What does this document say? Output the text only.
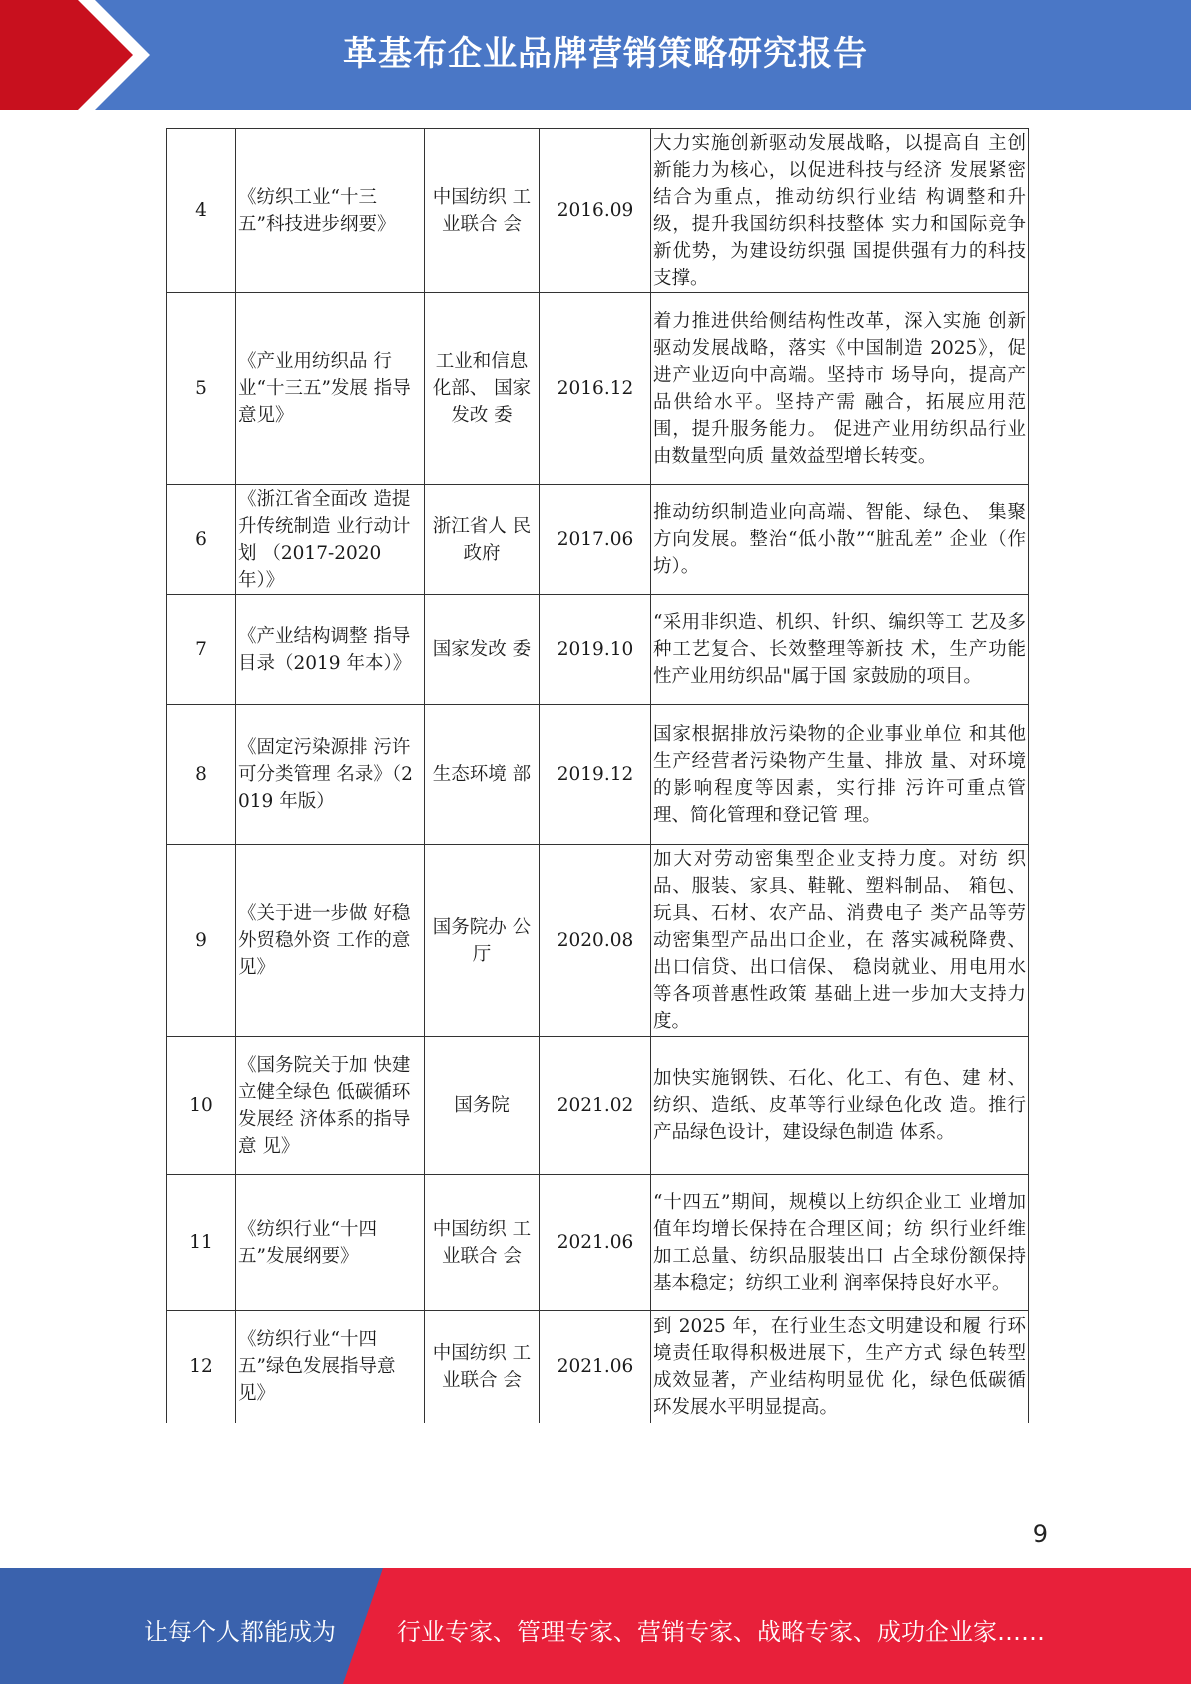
革基布企业品牌营销策略研究报告
4	《纺织工业“十三 五”科技进步纲要》	中国纺织 工业联合 会	2016.09	大力实施创新驱动发展战略，以提高自 主创新能力为核心，以促进科技与经济 发展紧密结合为重点，推动纺织行业结 构调整和升级，提升我国纺织科技整体 实力和国际竞争新优势，为建设纺织强 国提供强有力的科技支撑。
5	《产业用纺织品 行业“十三五”发展 指导意见》	工业和信息化部、 国家发改 委	2016.12	着力推进供给侧结构性改革，深入实施 创新驱动发展战略，落实《中国制造 2025》，促进产业迈向中高端。坚持市 场导向，提高产品供给水平。坚持产需 融合，拓展应用范围，提升服务能力。 促进产业用纺织品行业由数量型向质 量效益型增长转变。
6	《浙江省全面改 造提升传统制造 业行动计划 （2017-2020 年）》	浙江省人 民政府	2017.06	推动纺织制造业向高端、智能、绿色、 集聚方向发展。整治“低小散”“脏乱差” 企业（作坊）。
7	《产业结构调整 指导目录（2019 年本）》	国家发改 委	2019.10	“采用非织造、机织、针织、编织等工 艺及多种工艺复合、长效整理等新技 术，生产功能性产业用纺织品"属于国 家鼓励的项目。
8	《固定污染源排 污许可分类管理 名录》（2019 年版）	生态环境 部	2019.12	国家根据排放污染物的企业事业单位 和其他生产经营者污染物产生量、排放 量、对环境的影响程度等因素，实行排 污许可重点管理、简化管理和登记管 理。
9	《关于进一步做 好稳外贸稳外资 工作的意见》	国务院办 公厅	2020.08	加大对劳动密集型企业支持力度。对纺 织品、服装、家具、鞋靴、塑料制品、 箱包、玩具、石材、农产品、消费电子 类产品等劳动密集型产品出口企业，在 落实减税降费、出口信贷、出口信保、 稳岗就业、用电用水等各项普惠性政策 基础上进一步加大支持力度。
10	《国务院关于加 快建立健全绿色 低碳循环发展经 济体系的指导意 见》	国务院	2021.02	加快实施钢铁、石化、化工、有色、建 材、纺织、造纸、皮革等行业绿色化改 造。推行产品绿色设计，建设绿色制造 体系。
11	《纺织行业“十四五”发展纲要》	中国纺织 工业联合 会	2021.06	“十四五”期间，规模以上纺织企业工 业增加值年均增长保持在合理区间；纺 织行业纤维加工总量、纺织品服装出口 占全球份额保持基本稳定；纺织工业利 润率保持良好水平。
12	《纺织行业“十四五”绿色发展指导意见》	中国纺织 工业联合 会	2021.06	到 2025 年，在行业生态文明建设和履 行环境责任取得积极进展下，生产方式 绿色转型成效显著，产业结构明显优 化，绿色低碳循环发展水平明显提高。
9
让每个人都能成为	行业专家、管理专家、营销专家、战略专家、成功企业家……
